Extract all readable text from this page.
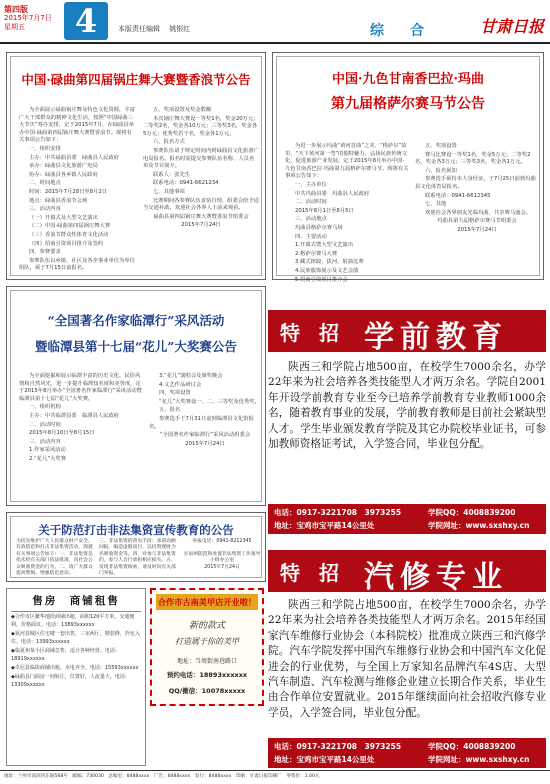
第四版
2015年7月7日
星期五	4	本版责任编辑　 姚银红	综　合	甘肃日报
中国·碌曲第四届锅庄舞大赛暨香浪节公告

为全面展示碌曲锅庄舞及特色文化资源，丰富广大干部群众的精神文化生活，按照“中国碌曲三大节庆”筹办安排，定于2015年7月，在碌曲县举办中国·碌曲第四届锅庄舞大赛暨香浪节。现将有关事项公告如下：

一、组织安排

主办：中共碌曲县委　碌曲县人民政府

承办：碌曲县文化旅游广电局

协办：碌曲县各乡镇人民政府

二、时间地点

时间：2015年7月28日至8月2日

地点：碌曲县香浪节会场

三、活动内容

（一）开幕式及大型文艺演出

（二）中国·碌曲第四届锅庄舞大赛

（三）香浪节群众性体育文化活动

（四）招商引资项目推介及签约

四、参赛要求

参赛队伍以乡镇、社区及各企事业单位为单位组队，须于7月15日前报名。

五、奖项设置及奖金数额

本次锅庄舞大赛设一等奖1名，奖金20万元；二等奖2名，奖金各10万元；三等奖3名，奖金各5万元；优秀奖若干名，奖金各1万元。

六、报名方式

参赛队伍请于规定时间内到碌曲县文化旅游广电局报名，报名时需提交参赛队伍名称、人员名单及节目简介。

联系人：张先生

联系电话：0941-6621234

七、其他事项

比赛期间各参赛队伍食宿自理，组委会给予适当交通补助。欢迎社会各界人士前来观看。

碌曲县第四届锅庄舞大赛暨香浪节组委会

2015年7月24日

中国·九色甘南香巴拉·玛曲
第九届格萨尔赛马节公告

为进一步展示玛曲“黄河首曲”之美、“格萨尔”故里、“天下黄河第一弯”的独特魅力，弘扬民族传统文化，促进旅游产业发展，定于2015年8月举办中国·九色甘南香巴拉·玛曲第九届格萨尔赛马节。现将有关事项公告如下：

一、主办单位

中共玛曲县委　玛曲县人民政府

二、活动时间

2015年8月1日至8月5日

三、活动地点

玛曲县格萨尔赛马场

四、主要活动

1.开幕式暨大型文艺演出

2.格萨尔赛马大赛

3.藏式摔跤、拔河、射箭比赛

4.民族服饰展示及文艺会演

5.招商引资项目推介会

五、奖项设置

赛马比赛设一等奖1名，奖金5万元；二等奖2名，奖金各3万元；三等奖3名，奖金各1万元。

六、报名须知

参赛选手须持本人身份证，于7月25日前到玛曲县文化体育局报名。

联系电话：0941-6612345

七、其他

欢迎社会各界朋友光临玛曲，共享赛马盛会。

玛曲县第九届格萨尔赛马节组委会

2015年7月24日

“全国著名作家临潭行”采风活动
暨临潭县第十七届“花儿”大奖赛公告

为全面挖掘和展示临潭丰富的历史文化、民俗风情和自然风光，进一步提升临潭知名度和美誉度，定于2015年8月举办“全国著名作家临潭行”采风活动暨临潭县第十七届“花儿”大奖赛。

一、组织机构

主办：中共临潭县委　临潭县人民政府

二、活动时间

2015年8月10日至8月15日

三、活动内容

1.作家采风活动

2.“花儿”大奖赛

3.“花儿”演唱会及颁奖晚会

4.文艺作品研讨会

四、奖项设置

“花儿”大奖赛设一、二、三等奖及优秀奖。

五、报名

参赛选手于7月31日前到临潭县文化馆报名。

“全国著名作家临潭行”采风活动组委会

2015年7月24日

关于防范打击非法集资宣传教育的公告
为切实维护广大人民群众财产安全，有效防范和打击非法集资活动，现就有关事项公告如下：一、非法集资是指未经有关部门依法批准，向社会公众吸收资金的行为。二、请广大群众提高警惕，增强防范意识。
三、非法集资的常见手段：承诺高额回报、编造虚假项目、以投资理财为名吸收资金等。四、对参与非法集资的，参与人自行承担相应损失。五、发现非法集资线索，请及时向有关部门举报。
举报电话：0941-8212345

甘南州防范和处置非法集资工作领导小组办公室
2015年7月24日
售房　商铺租售

◆合作市区繁华地段商铺出租，面积120平方米，交通便利，价格面议。电话：13893xxxxxx

◆夏河县城区住宅楼一套出售，三室两厅，精装修，拎包入住。电话：13993xxxxxx

◆临夏州某小区商铺急售，适合各种经营。电话：18919xxxxxx

◆卓尼县临街商铺出租，水电齐全。电话：15593xxxxxx

◆碌曲县门面房一间转让，位置好，人流量大。电话：13309xxxxxx

合作市古南美甲店开业啦！
新的款式
打造属于你的美甲
地址：当周街南巷路口
预约电话：18893xxxxxx
QQ/微信：10078xxxxx
特 招 学前教育
陕西三和学院占地500亩，在校学生7000余名，办学22年来为社会培养各类技能型人才两万余名。学院自2001年开设学前教育专业至今已培养学前教育专业教师1000余名，随着教育事业的发展，学前教育教师是目前社会紧缺型人才。学生毕业颁发教育学院及其它办院校毕业证书，可参加教师资格证考试，入学签合同，毕业包分配。
电话：0917-3221708　3973255	学院QQ：4008839200
地址：宝鸡市宝平路14公里处	学院网址：www.sxshxy.cn
特 招 汽修专业
陕西三和学院占地500亩，在校学生7000余名，办学22年来为社会培养各类技能型人才两万余名。2015年经国家汽车维修行业协会（本科院校）批准成立陕西三和汽修学院。汽车学院发挥中国汽车维修行业协会和中国汽车文化促进会的行业优势，与全国上万家知名品牌汽车4S店、大型汽车制造、汽车检测与维修企业建立长期合作关系，毕业生由合作单位安置就业。2015年继续面向社会招收汽修专业学员，入学签合同，毕业包分配。
电话：0917-3221708　3973255	学院QQ：4008839200
地址：宝鸡市宝平路14公里处	学院网址：www.sxshxy.cn
地址：兰州市南滨河东路568号　邮编：730030　总编室：8488xxxx　广告：8488xxxx　发行：8488xxxx　印刷：甘肃日报印刷厂　零售价：1.00元
